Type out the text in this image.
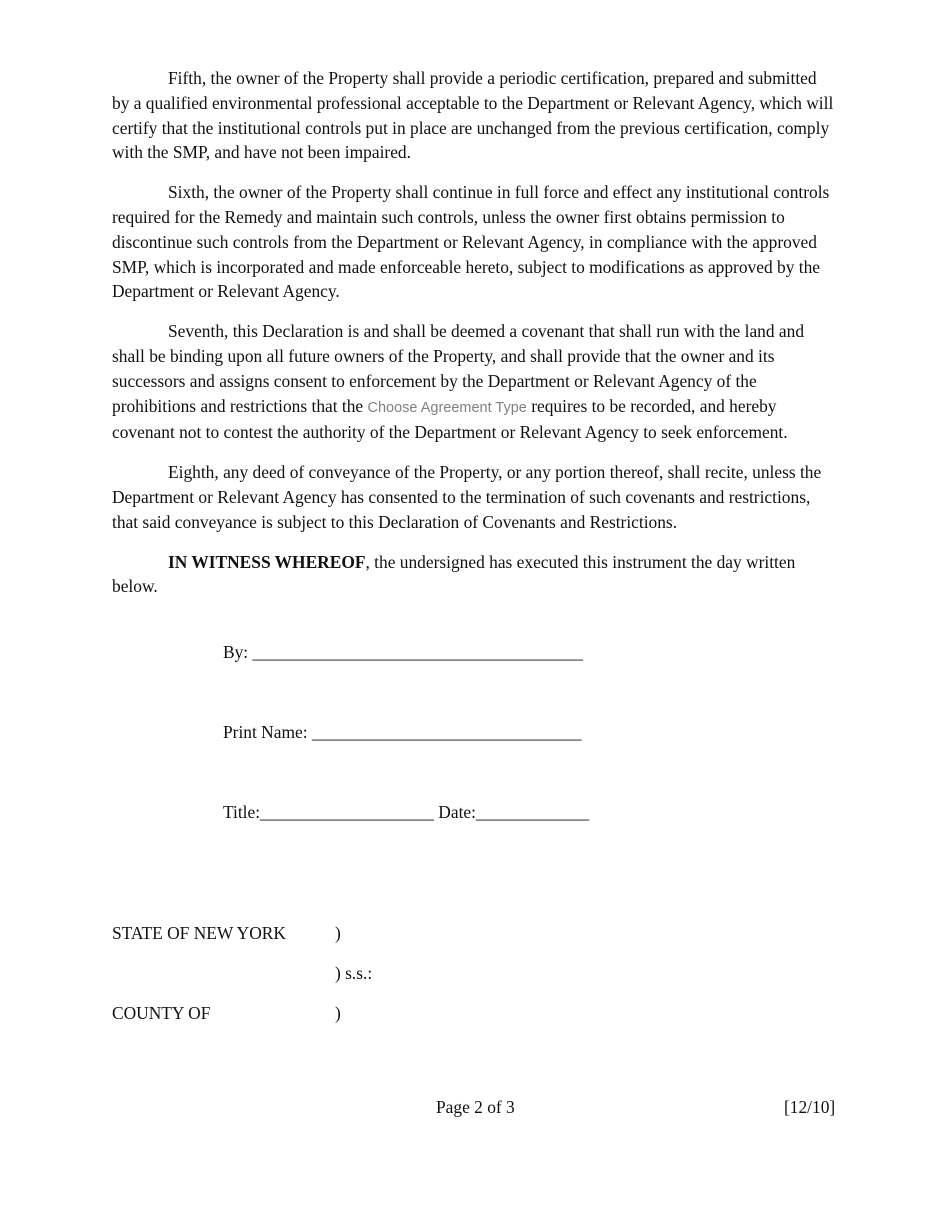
Fifth, the owner of the Property shall provide a periodic certification, prepared and submitted by a qualified environmental professional acceptable to the Department or Relevant Agency, which will certify that the institutional controls put in place are unchanged from the previous certification, comply with the SMP, and have not been impaired.

Sixth, the owner of the Property shall continue in full force and effect any institutional controls required for the Remedy and maintain such controls, unless the owner first obtains permission to discontinue such controls from the Department or Relevant Agency, in compliance with the approved SMP, which is incorporated and made enforceable hereto, subject to modifications as approved by the Department or Relevant Agency.

Seventh, this Declaration is and shall be deemed a covenant that shall run with the land and shall be binding upon all future owners of the Property, and shall provide that the owner and its successors and assigns consent to enforcement by the Department or Relevant Agency of the prohibitions and restrictions that the Choose Agreement Type requires to be recorded, and hereby covenant not to contest the authority of the Department or Relevant Agency to seek enforcement.

Eighth, any deed of conveyance of the Property, or any portion thereof, shall recite, unless the Department or Relevant Agency has consented to the termination of such covenants and restrictions, that said conveyance is subject to this Declaration of Covenants and Restrictions.

IN WITNESS WHEREOF, the undersigned has executed this instrument the day written below.

By: ______________________________________
Print Name: _______________________________
Title:____________________ Date:_____________
STATE OF NEW YORK	)
) s.s.:
COUNTY OF	)
Page 2 of 3	[12/10]
